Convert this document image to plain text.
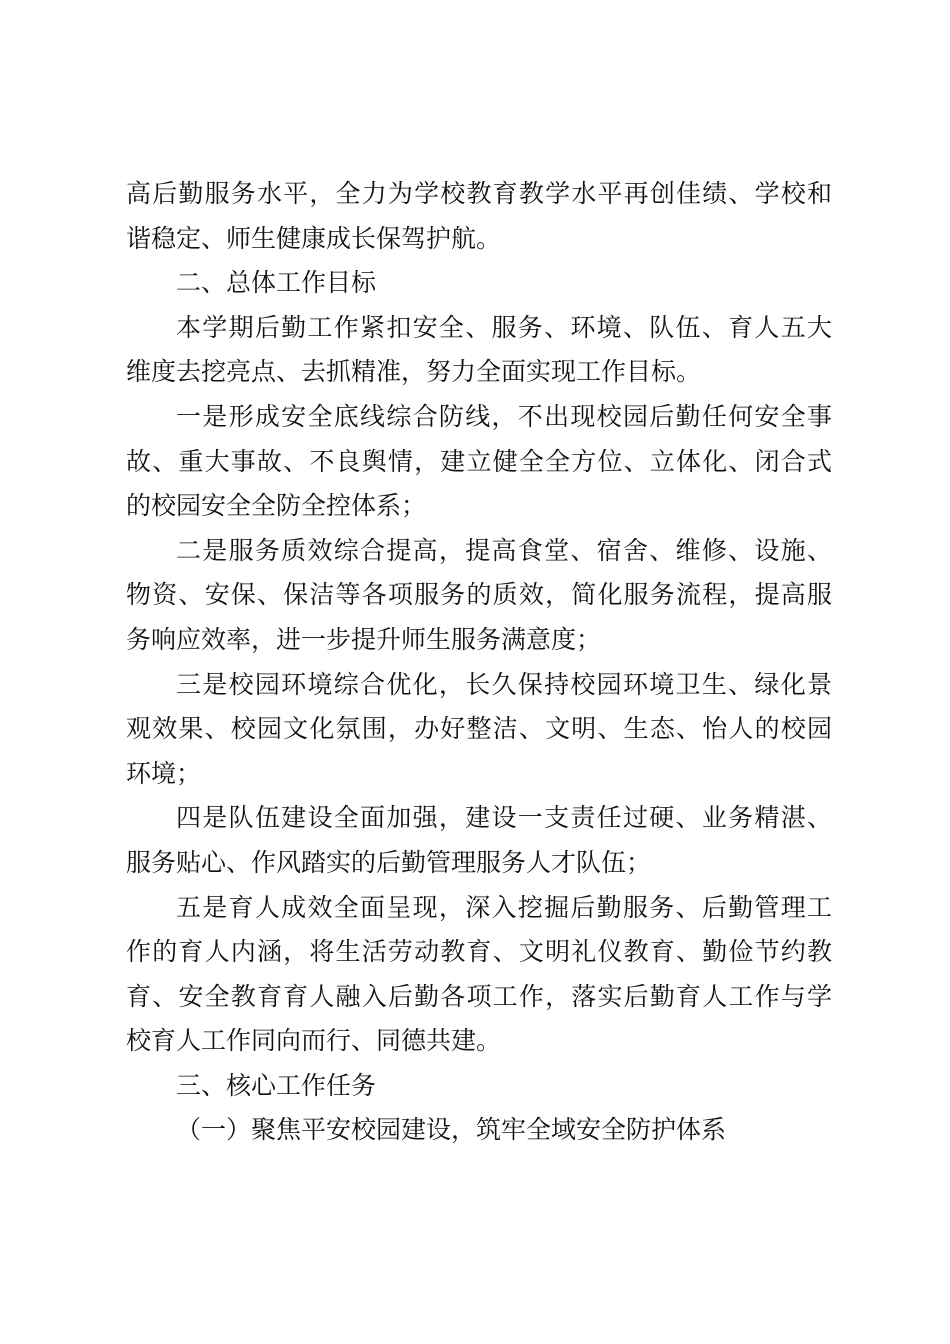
高后勤服务水平，全力为学校教育教学水平再创佳绩、学校和
谐稳定、师生健康成长保驾护航。
二、总体工作目标
本学期后勤工作紧扣安全、服务、环境、队伍、育人五大
维度去挖亮点、去抓精准，努力全面实现工作目标。
一是形成安全底线综合防线，不出现校园后勤任何安全事
故、重大事故、不良舆情，建立健全全方位、立体化、闭合式
的校园安全全防全控体系；
二是服务质效综合提高，提高食堂、宿舍、维修、设施、
物资、安保、保洁等各项服务的质效，简化服务流程，提高服
务响应效率，进一步提升师生服务满意度；
三是校园环境综合优化，长久保持校园环境卫生、绿化景
观效果、校园文化氛围，办好整洁、文明、生态、怡人的校园
环境；
四是队伍建设全面加强，建设一支责任过硬、业务精湛、
服务贴心、作风踏实的后勤管理服务人才队伍；
五是育人成效全面呈现，深入挖掘后勤服务、后勤管理工
作的育人内涵，将生活劳动教育、文明礼仪教育、勤俭节约教
育、安全教育育人融入后勤各项工作，落实后勤育人工作与学
校育人工作同向而行、同德共建。
三、核心工作任务
（一）聚焦平安校园建设，筑牢全域安全防护体系
